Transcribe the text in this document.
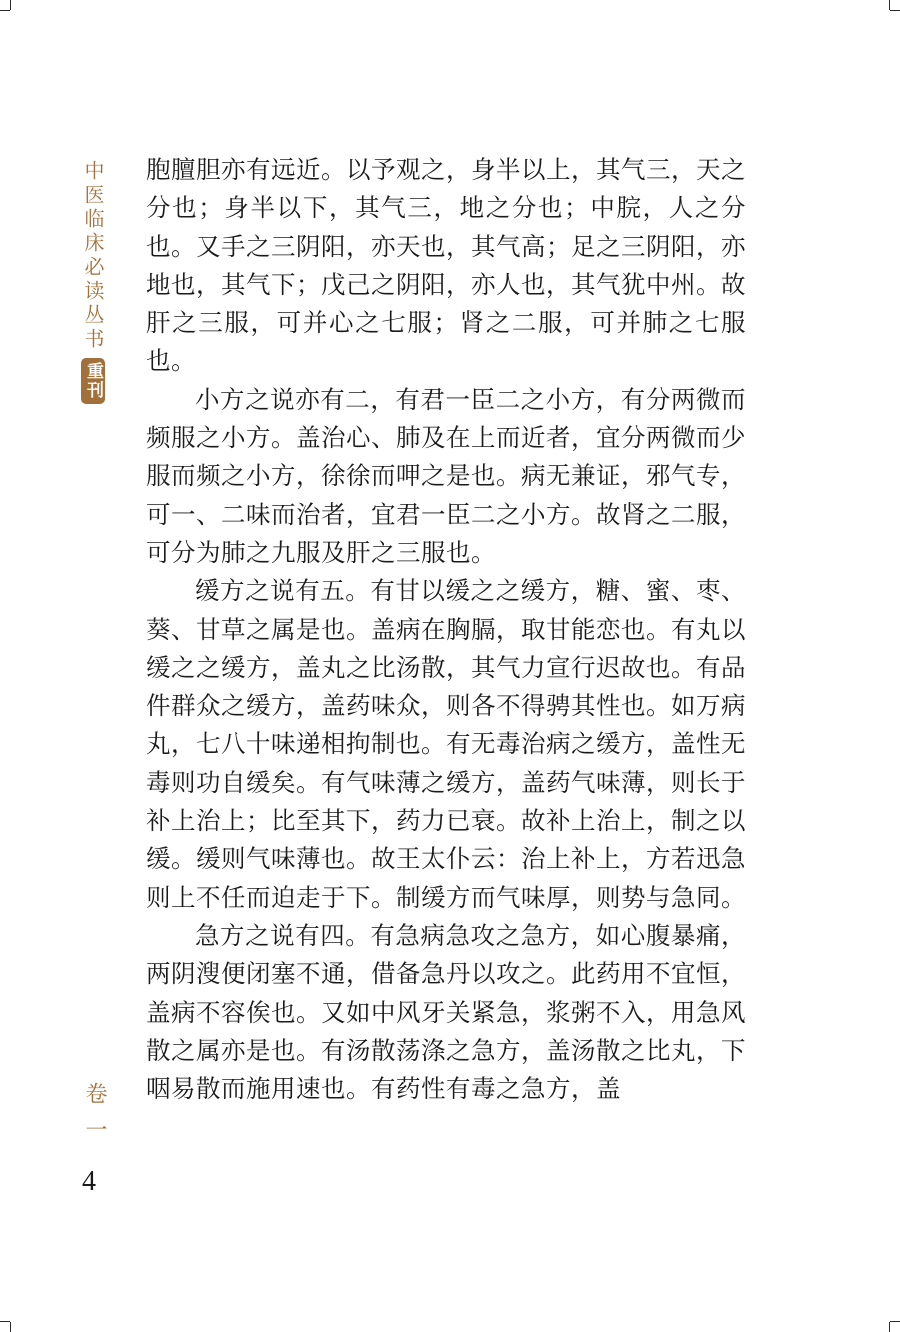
中医临床必读丛书
重刊
卷一
4

胞膻胆亦有远近。以予观之，身半以上，其气三，天之分也；身半以下，其气三，地之分也；中脘，人之分也。又手之三阴阳，亦天也，其气高；足之三阴阳，亦地也，其气下；戊己之阴阳，亦人也，其气犹中州。故肝之三服，可并心之七服；肾之二服，可并肺之七服也。

小方之说亦有二，有君一臣二之小方，有分两微而频服之小方。盖治心、肺及在上而近者，宜分两微而少服而频之小方，徐徐而呷之是也。病无兼证，邪气专，可一、二味而治者，宜君一臣二之小方。故肾之二服，可分为肺之九服及肝之三服也。

缓方之说有五。有甘以缓之之缓方，糖、蜜、枣、葵、甘草之属是也。盖病在胸膈，取甘能恋也。有丸以缓之之缓方，盖丸之比汤散，其气力宣行迟故也。有品件群众之缓方，盖药味众，则各不得骋其性也。如万病丸，七八十味递相拘制也。有无毒治病之缓方，盖性无毒则功自缓矣。有气味薄之缓方，盖药气味薄，则长于补上治上；比至其下，药力已衰。故补上治上，制之以缓。缓则气味薄也。故王太仆云：治上补上，方若迅急则上不任而迫走于下。制缓方而气味厚，则势与急同。

急方之说有四。有急病急攻之急方，如心腹暴痛，两阴溲便闭塞不通，借备急丹以攻之。此药用不宜恒，盖病不容俟也。又如中风牙关紧急，浆粥不入，用急风散之属亦是也。有汤散荡涤之急方，盖汤散之比丸，下咽易散而施用速也。有药性有毒之急方，盖
